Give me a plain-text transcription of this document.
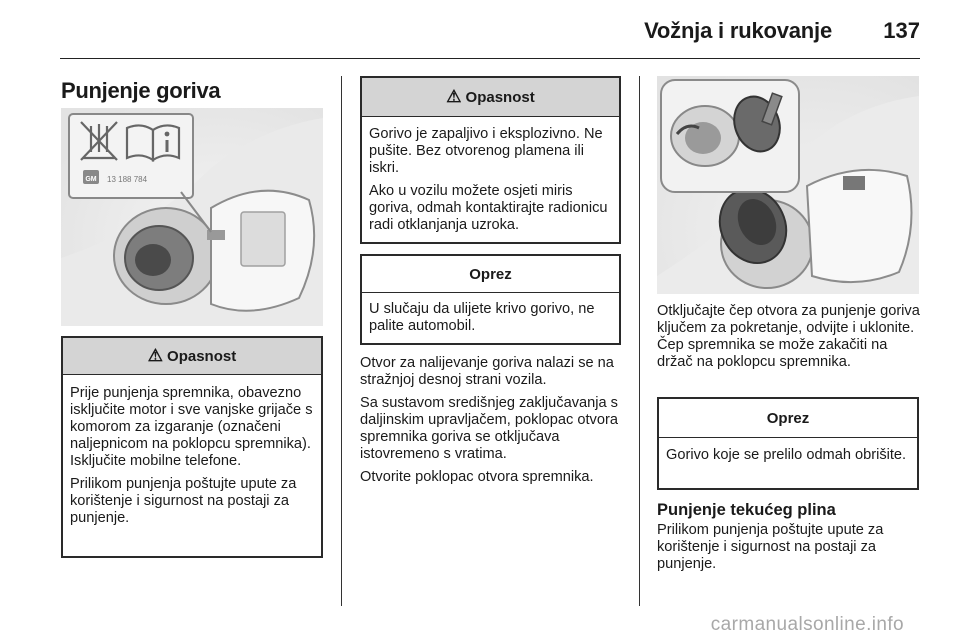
Vožnja i rukovanje 137
Punjenje goriva
GM 13 188 784
⚠ Opasnost

Prije punjenja spremnika, obavezno isključite motor i sve vanjske grijače s komorom za izgaranje (označeni naljepnicom na poklopcu spremnika). Isključite mobilne telefone.

Prilikom punjenja poštujte upute za korištenje i sigurnost na postaji za punjenje.

⚠ Opasnost

Gorivo je zapaljivo i eksplozivno. Ne pušite. Bez otvorenog plamena ili iskri.

Ako u vozilu možete osjeti miris goriva, odmah kontaktirajte radionicu radi otklanjanja uzroka.

Oprez

U slučaju da ulijete krivo gorivo, ne palite automobil.

Otvor za nalijevanje goriva nalazi se na stražnjoj desnoj strani vozila.

Sa sustavom središnjeg zaključavanja s daljinskim upravljačem, poklopac otvora spremnika goriva se otključava istovremeno s vratima.

Otvorite poklopac otvora spremnika.

Otključajte čep otvora za punjenje goriva ključem za pokretanje, odvijte i uklonite. Čep spremnika se može zakačiti na držač na poklopcu spremnika.

Oprez

Gorivo koje se prelilo odmah obrišite.

Punjenje tekućeg plina

Prilikom punjenja poštujte upute za korištenje i sigurnost na postaji za punjenje.

carmanualsonline.info
